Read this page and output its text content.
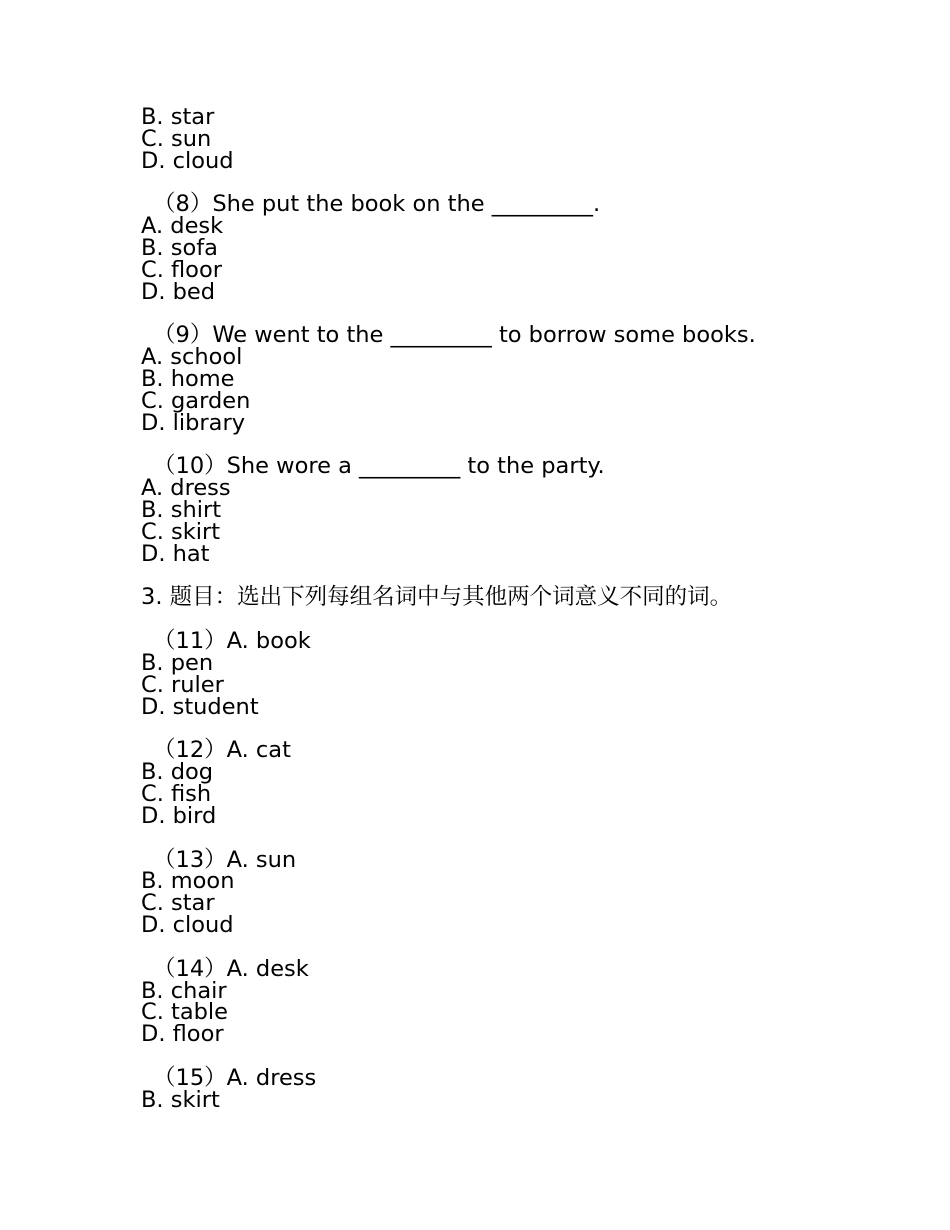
B. star
C. sun
D. cloud
（8）She put the book on the _________.
A. desk
B. sofa
C. floor
D. bed
（9）We went to the _________ to borrow some books.
A. school
B. home
C. garden
D. library
（10）She wore a _________ to the party.
A. dress
B. shirt
C. skirt
D. hat
3. 题目：选出下列每组名词中与其他两个词意义不同的词。
（11）A. book
B. pen
C. ruler
D. student
（12）A. cat
B. dog
C. fish
D. bird
（13）A. sun
B. moon
C. star
D. cloud
（14）A. desk
B. chair
C. table
D. floor
（15）A. dress
B. skirt
